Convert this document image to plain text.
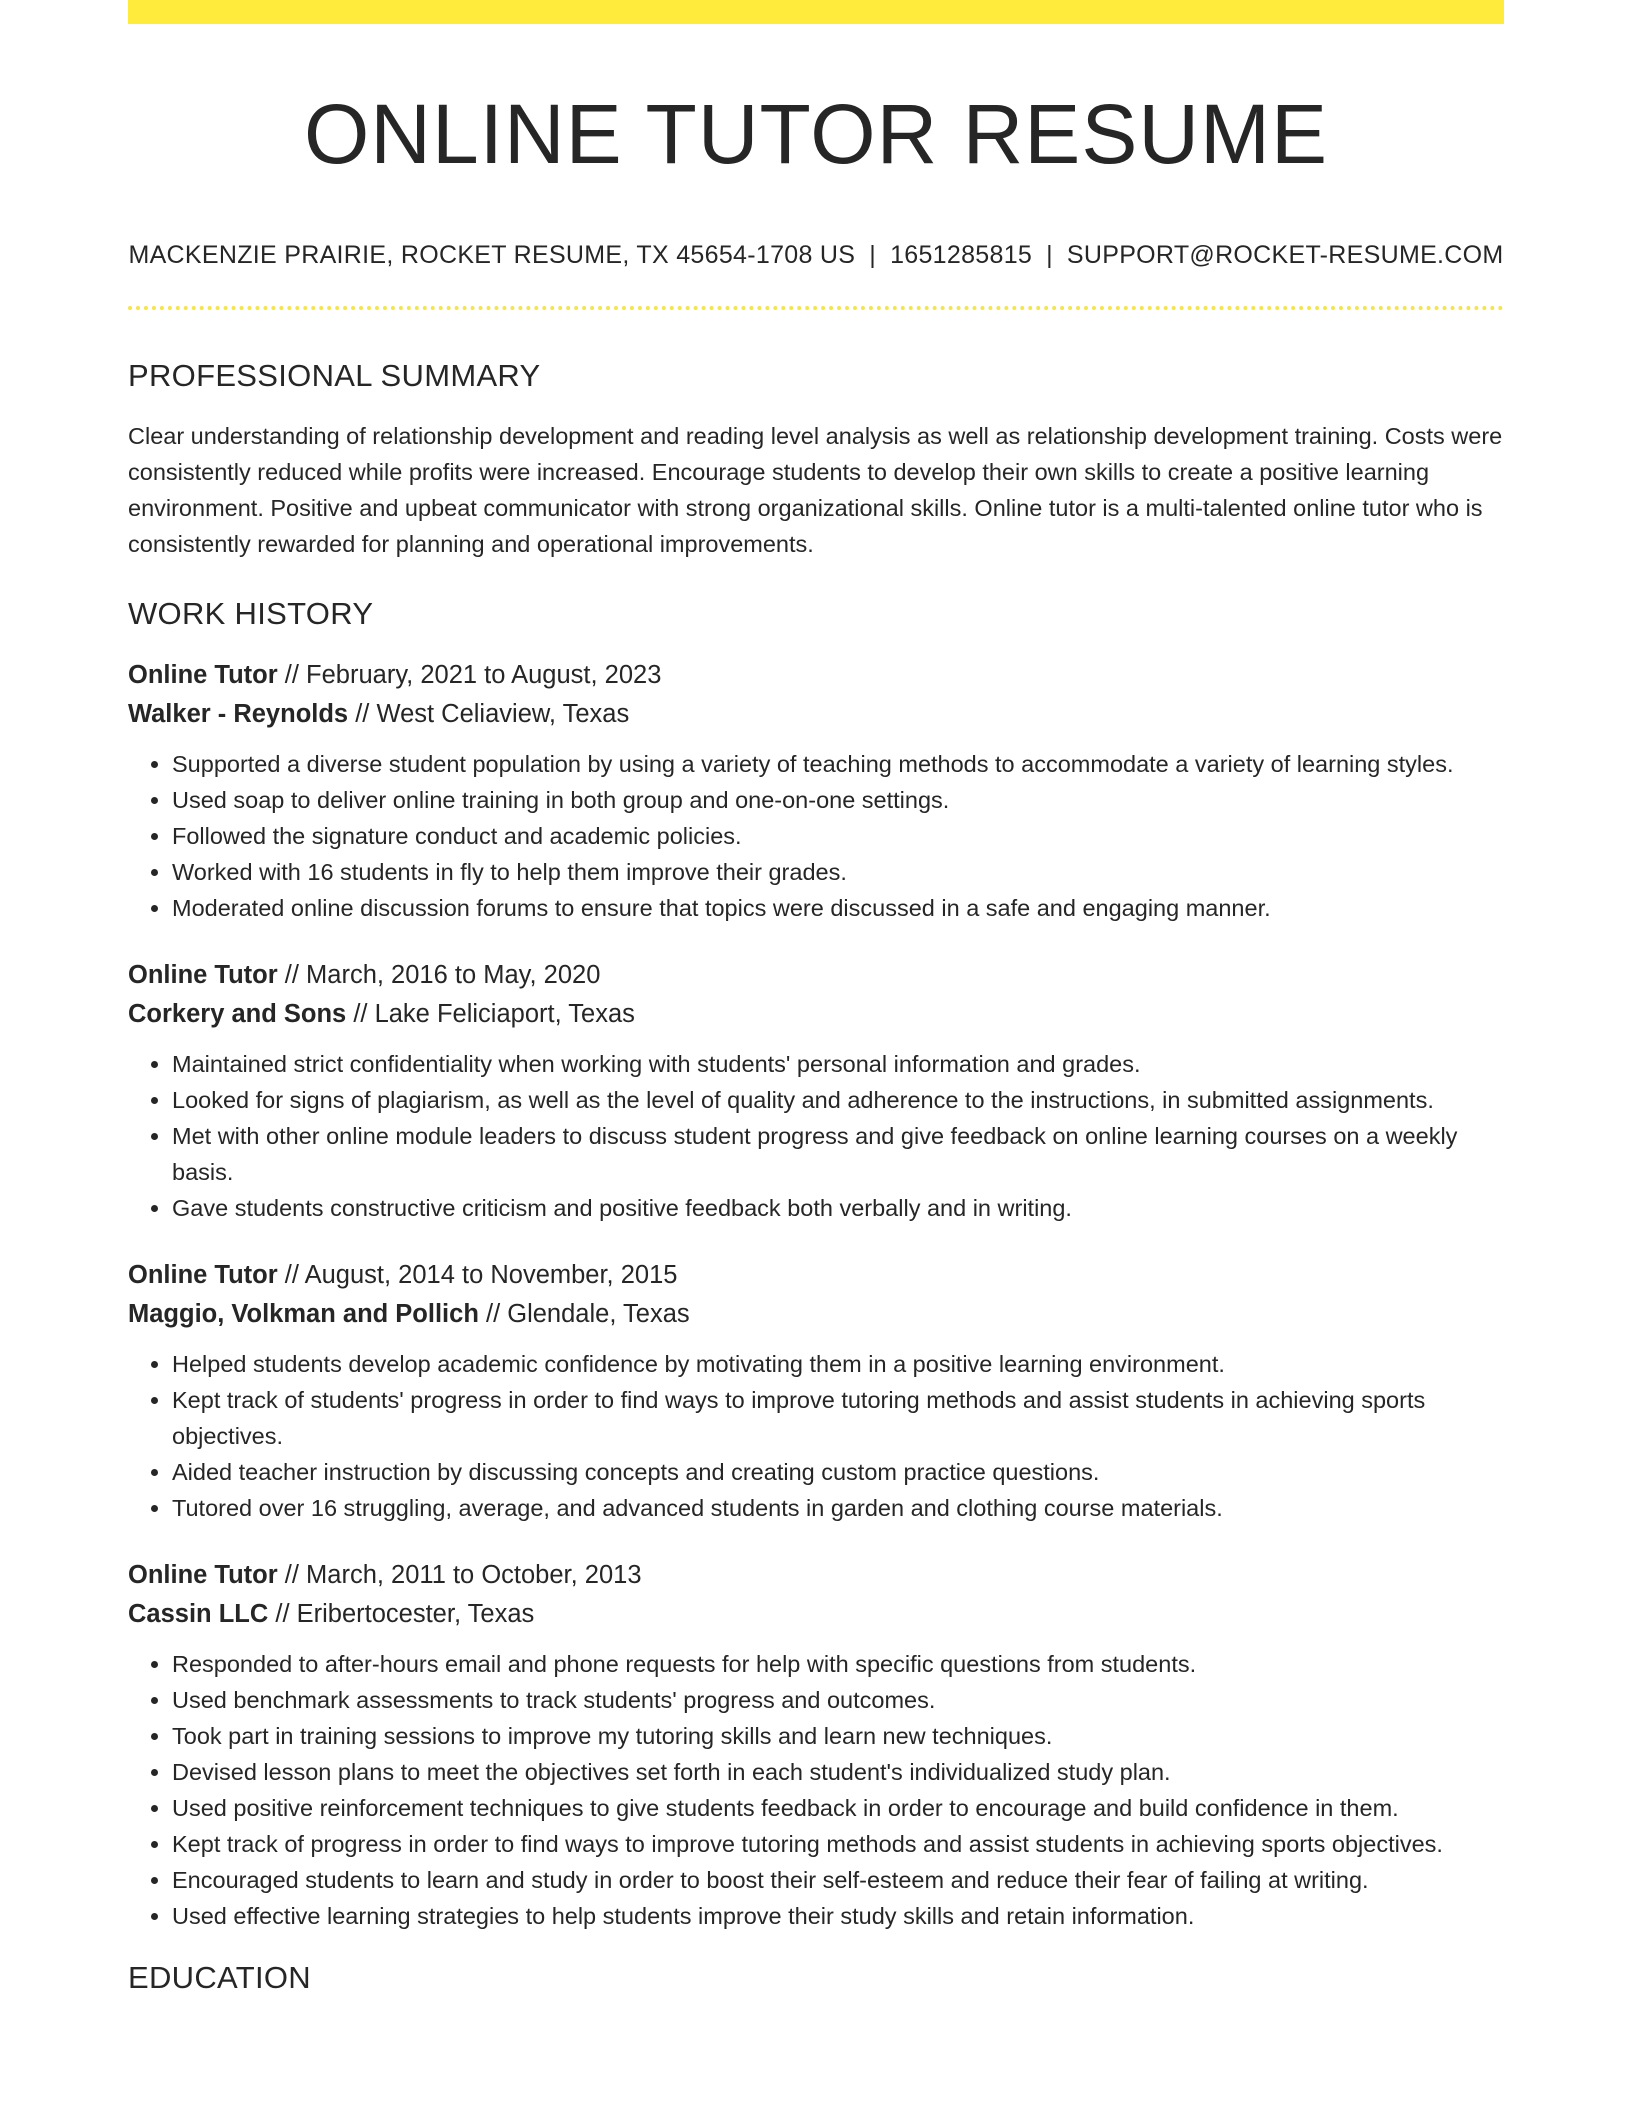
ONLINE TUTOR RESUME
MACKENZIE PRAIRIE, ROCKET RESUME, TX 45654-1708 US | 1651285815 | SUPPORT@ROCKET-RESUME.COM
PROFESSIONAL SUMMARY
Clear understanding of relationship development and reading level analysis as well as relationship development training. Costs were consistently reduced while profits were increased. Encourage students to develop their own skills to create a positive learning environment. Positive and upbeat communicator with strong organizational skills. Online tutor is a multi-talented online tutor who is consistently rewarded for planning and operational improvements.
WORK HISTORY
Online Tutor // February, 2021 to August, 2023
Walker - Reynolds // West Celiaview, Texas
• Supported a diverse student population by using a variety of teaching methods to accommodate a variety of learning styles.
• Used soap to deliver online training in both group and one-on-one settings.
• Followed the signature conduct and academic policies.
• Worked with 16 students in fly to help them improve their grades.
• Moderated online discussion forums to ensure that topics were discussed in a safe and engaging manner.
Online Tutor // March, 2016 to May, 2020
Corkery and Sons // Lake Feliciaport, Texas
• Maintained strict confidentiality when working with students' personal information and grades.
• Looked for signs of plagiarism, as well as the level of quality and adherence to the instructions, in submitted assignments.
• Met with other online module leaders to discuss student progress and give feedback on online learning courses on a weekly basis.
• Gave students constructive criticism and positive feedback both verbally and in writing.
Online Tutor // August, 2014 to November, 2015
Maggio, Volkman and Pollich // Glendale, Texas
• Helped students develop academic confidence by motivating them in a positive learning environment.
• Kept track of students' progress in order to find ways to improve tutoring methods and assist students in achieving sports objectives.
• Aided teacher instruction by discussing concepts and creating custom practice questions.
• Tutored over 16 struggling, average, and advanced students in garden and clothing course materials.
Online Tutor // March, 2011 to October, 2013
Cassin LLC // Eribertocester, Texas
• Responded to after-hours email and phone requests for help with specific questions from students.
• Used benchmark assessments to track students' progress and outcomes.
• Took part in training sessions to improve my tutoring skills and learn new techniques.
• Devised lesson plans to meet the objectives set forth in each student's individualized study plan.
• Used positive reinforcement techniques to give students feedback in order to encourage and build confidence in them.
• Kept track of progress in order to find ways to improve tutoring methods and assist students in achieving sports objectives.
• Encouraged students to learn and study in order to boost their self-esteem and reduce their fear of failing at writing.
• Used effective learning strategies to help students improve their study skills and retain information.
EDUCATION
